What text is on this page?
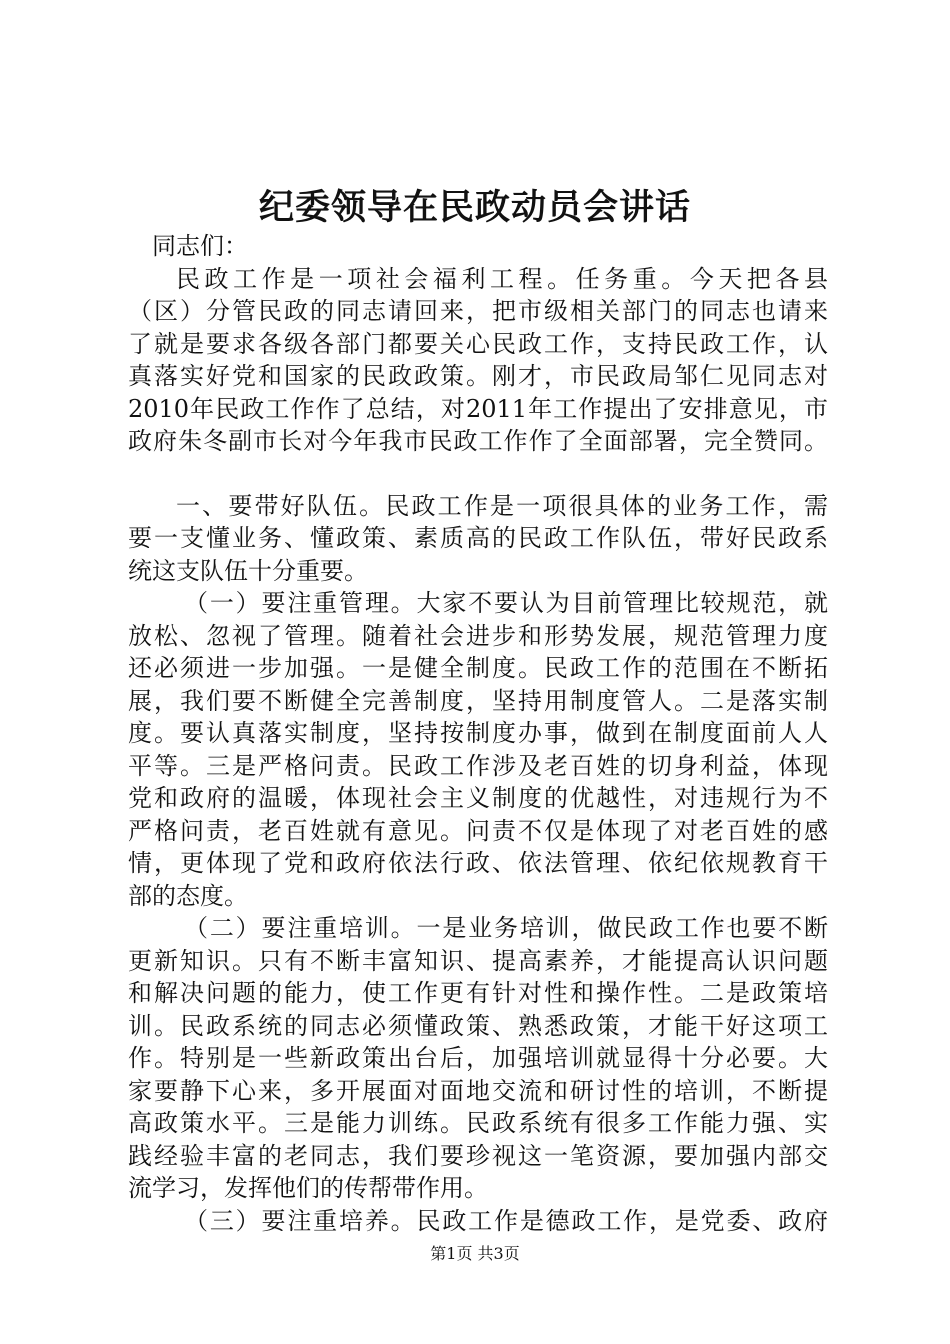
纪委领导在民政动员会讲话
同志们：
民政工作是一项社会福利工程。任务重。今天把各县
（区）分管民政的同志请回来，把市级相关部门的同志也请来
了就是要求各级各部门都要关心民政工作，支持民政工作，认
真落实好党和国家的民政政策。刚才，市民政局邹仁见同志对
2010年民政工作作了总结，对2011年工作提出了安排意见，市
政府朱冬副市长对今年我市民政工作作了全面部署，完全赞同。
一、要带好队伍。民政工作是一项很具体的业务工作，需
要一支懂业务、懂政策、素质高的民政工作队伍，带好民政系
统这支队伍十分重要。
（一）要注重管理。大家不要认为目前管理比较规范，就
放松、忽视了管理。随着社会进步和形势发展，规范管理力度
还必须进一步加强。一是健全制度。民政工作的范围在不断拓
展，我们要不断健全完善制度，坚持用制度管人。二是落实制
度。要认真落实制度，坚持按制度办事，做到在制度面前人人
平等。三是严格问责。民政工作涉及老百姓的切身利益，体现
党和政府的温暖，体现社会主义制度的优越性，对违规行为不
严格问责，老百姓就有意见。问责不仅是体现了对老百姓的感
情，更体现了党和政府依法行政、依法管理、依纪依规教育干
部的态度。
（二）要注重培训。一是业务培训，做民政工作也要不断
更新知识。只有不断丰富知识、提高素养，才能提高认识问题
和解决问题的能力，使工作更有针对性和操作性。二是政策培
训。民政系统的同志必须懂政策、熟悉政策，才能干好这项工
作。特别是一些新政策出台后，加强培训就显得十分必要。大
家要静下心来，多开展面对面地交流和研讨性的培训，不断提
高政策水平。三是能力训练。民政系统有很多工作能力强、实
践经验丰富的老同志，我们要珍视这一笔资源，要加强内部交
流学习，发挥他们的传帮带作用。
（三）要注重培养。民政工作是德政工作，是党委、政府
第1页 共3页
